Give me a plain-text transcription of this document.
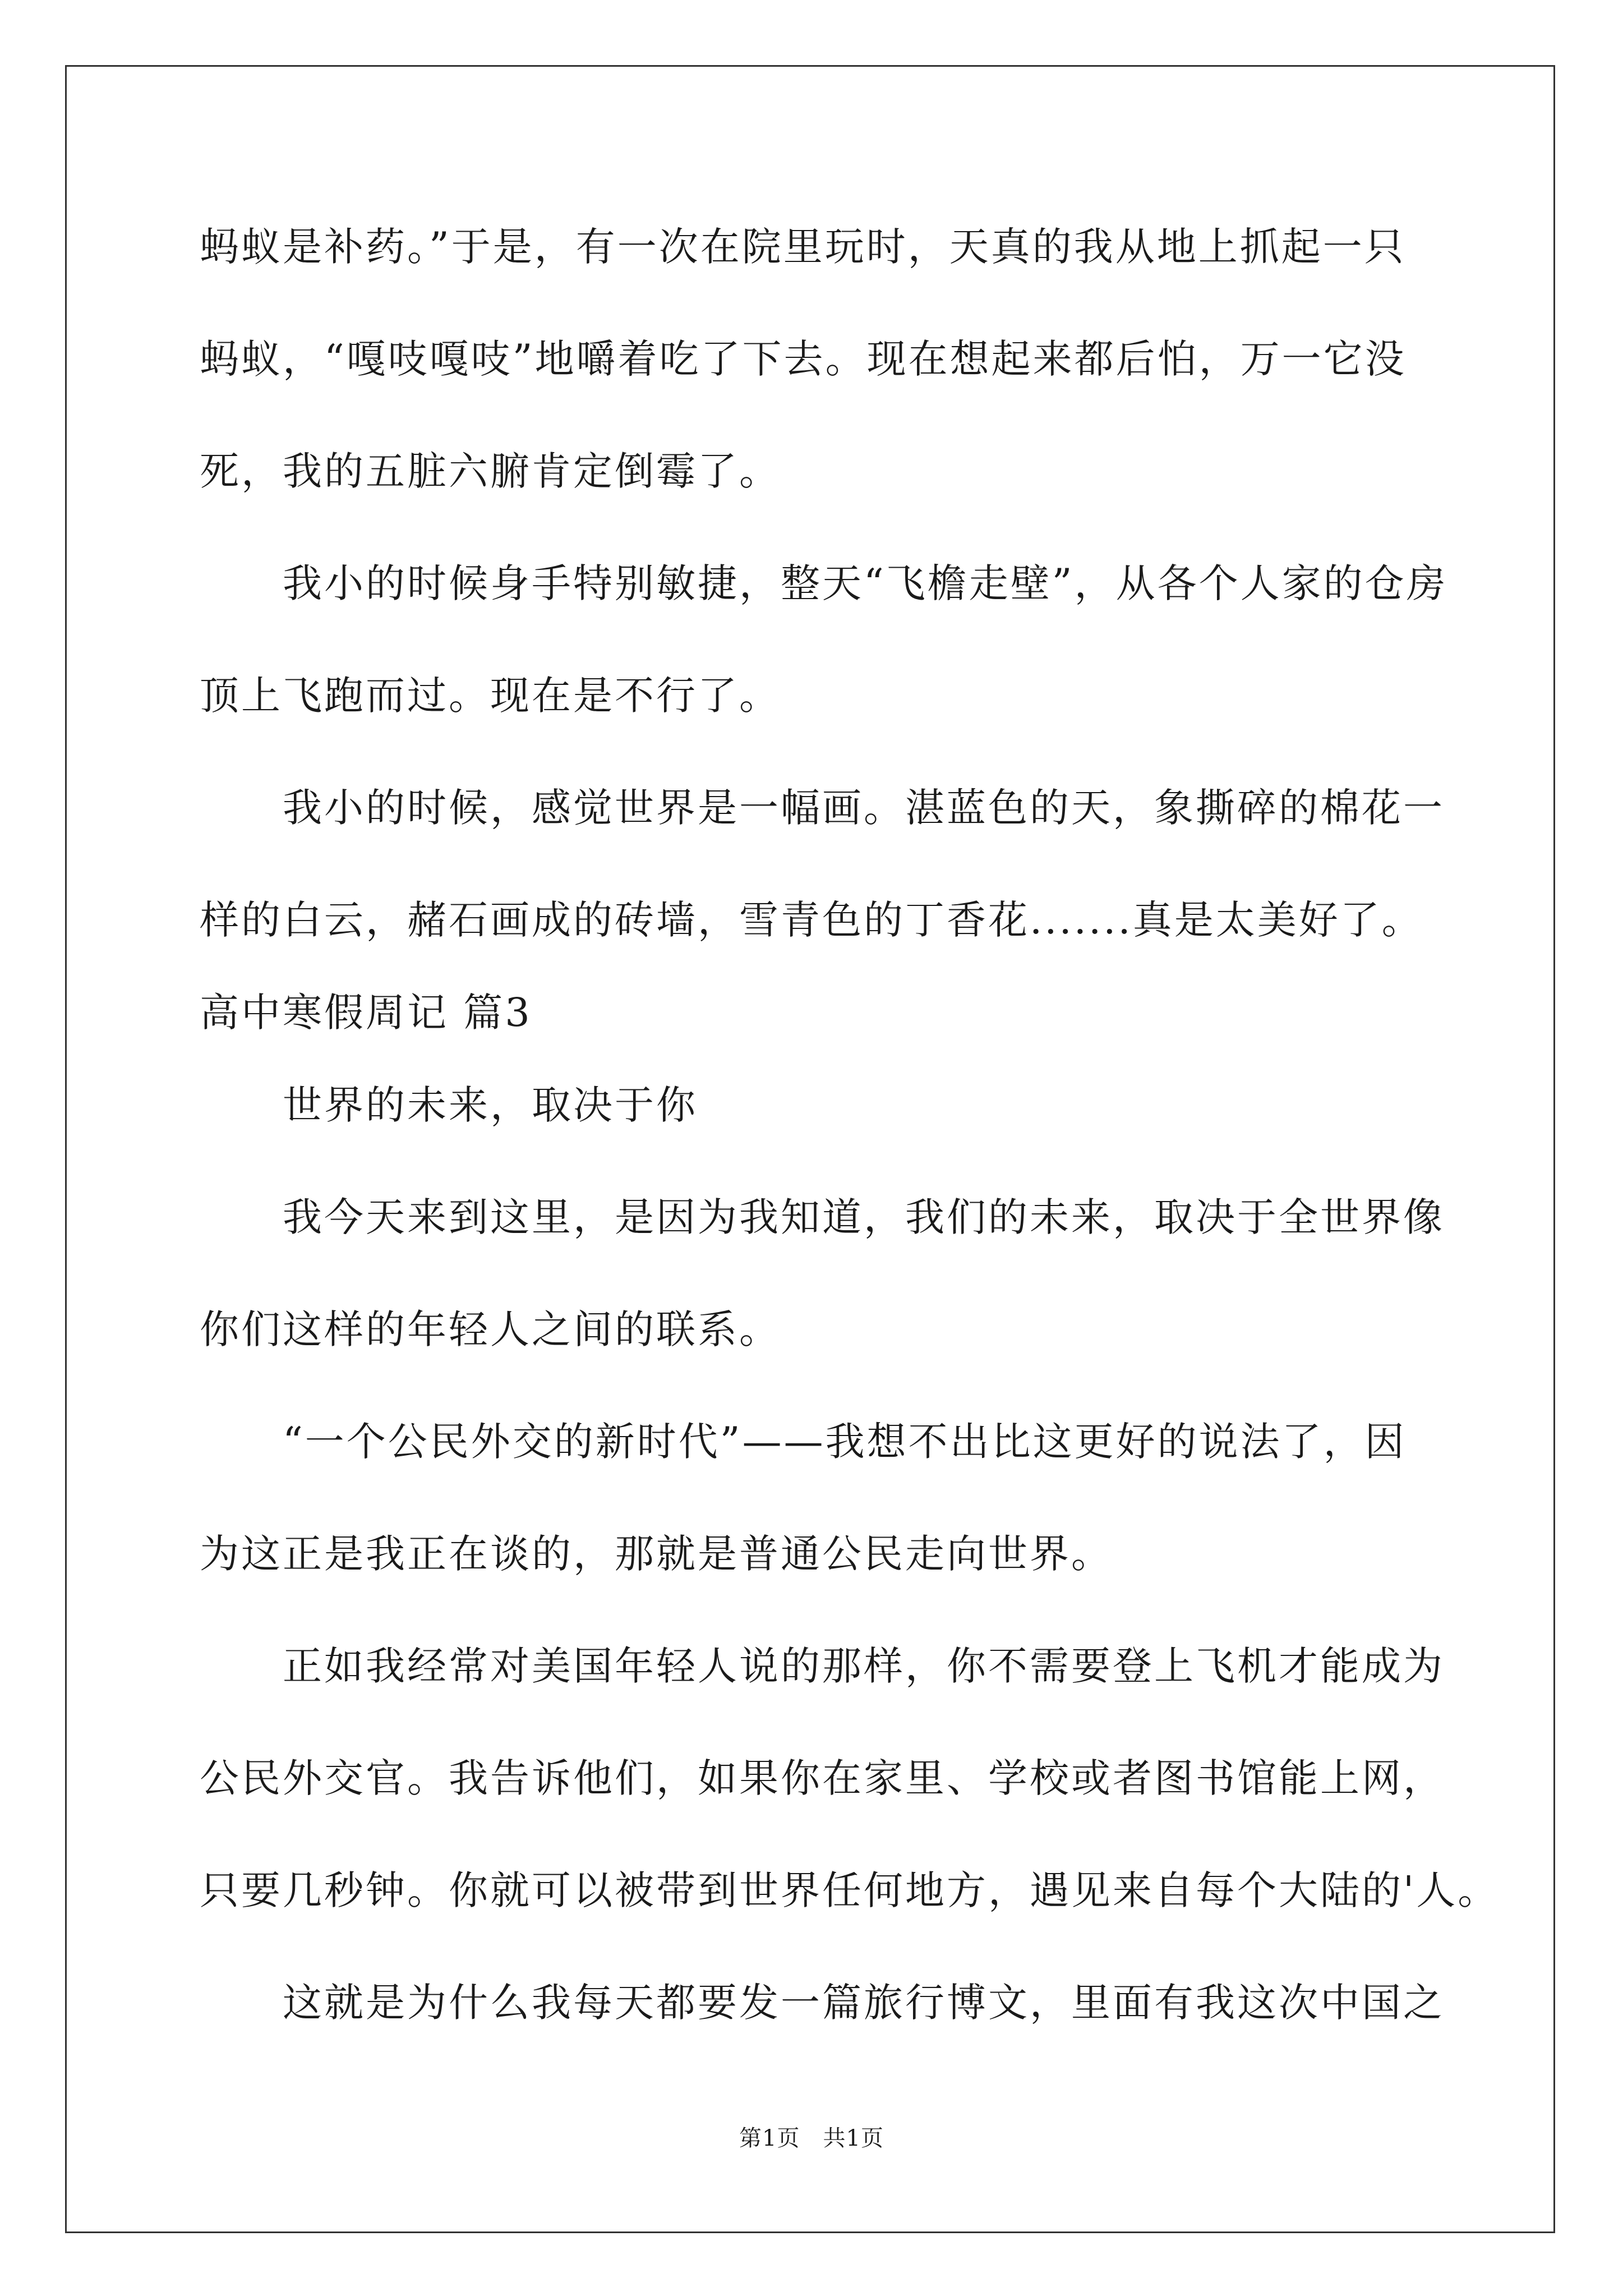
蚂蚁是补药。”于是，有一次在院里玩时，天真的我从地上抓起一只
蚂蚁，“嘎吱嘎吱”地嚼着吃了下去。现在想起来都后怕，万一它没
死，我的五脏六腑肯定倒霉了。
　　我小的时候身手特别敏捷，整天“飞檐走壁”，从各个人家的仓房
顶上飞跑而过。现在是不行了。
　　我小的时候，感觉世界是一幅画。湛蓝色的天，象撕碎的棉花一
样的白云，赭石画成的砖墙，雪青色的丁香花.......真是太美好了。
高中寒假周记 篇3
　　世界的未来，取决于你
　　我今天来到这里，是因为我知道，我们的未来，取决于全世界像
你们这样的年轻人之间的联系。
　　“一个公民外交的新时代”——我想不出比这更好的说法了，因
为这正是我正在谈的，那就是普通公民走向世界。
　　正如我经常对美国年轻人说的那样，你不需要登上飞机才能成为
公民外交官。我告诉他们，如果你在家里、学校或者图书馆能上网，
只要几秒钟。你就可以被带到世界任何地方，遇见来自每个大陆的'人。
　　这就是为什么我每天都要发一篇旅行博文，里面有我这次中国之
第1页　共1页
